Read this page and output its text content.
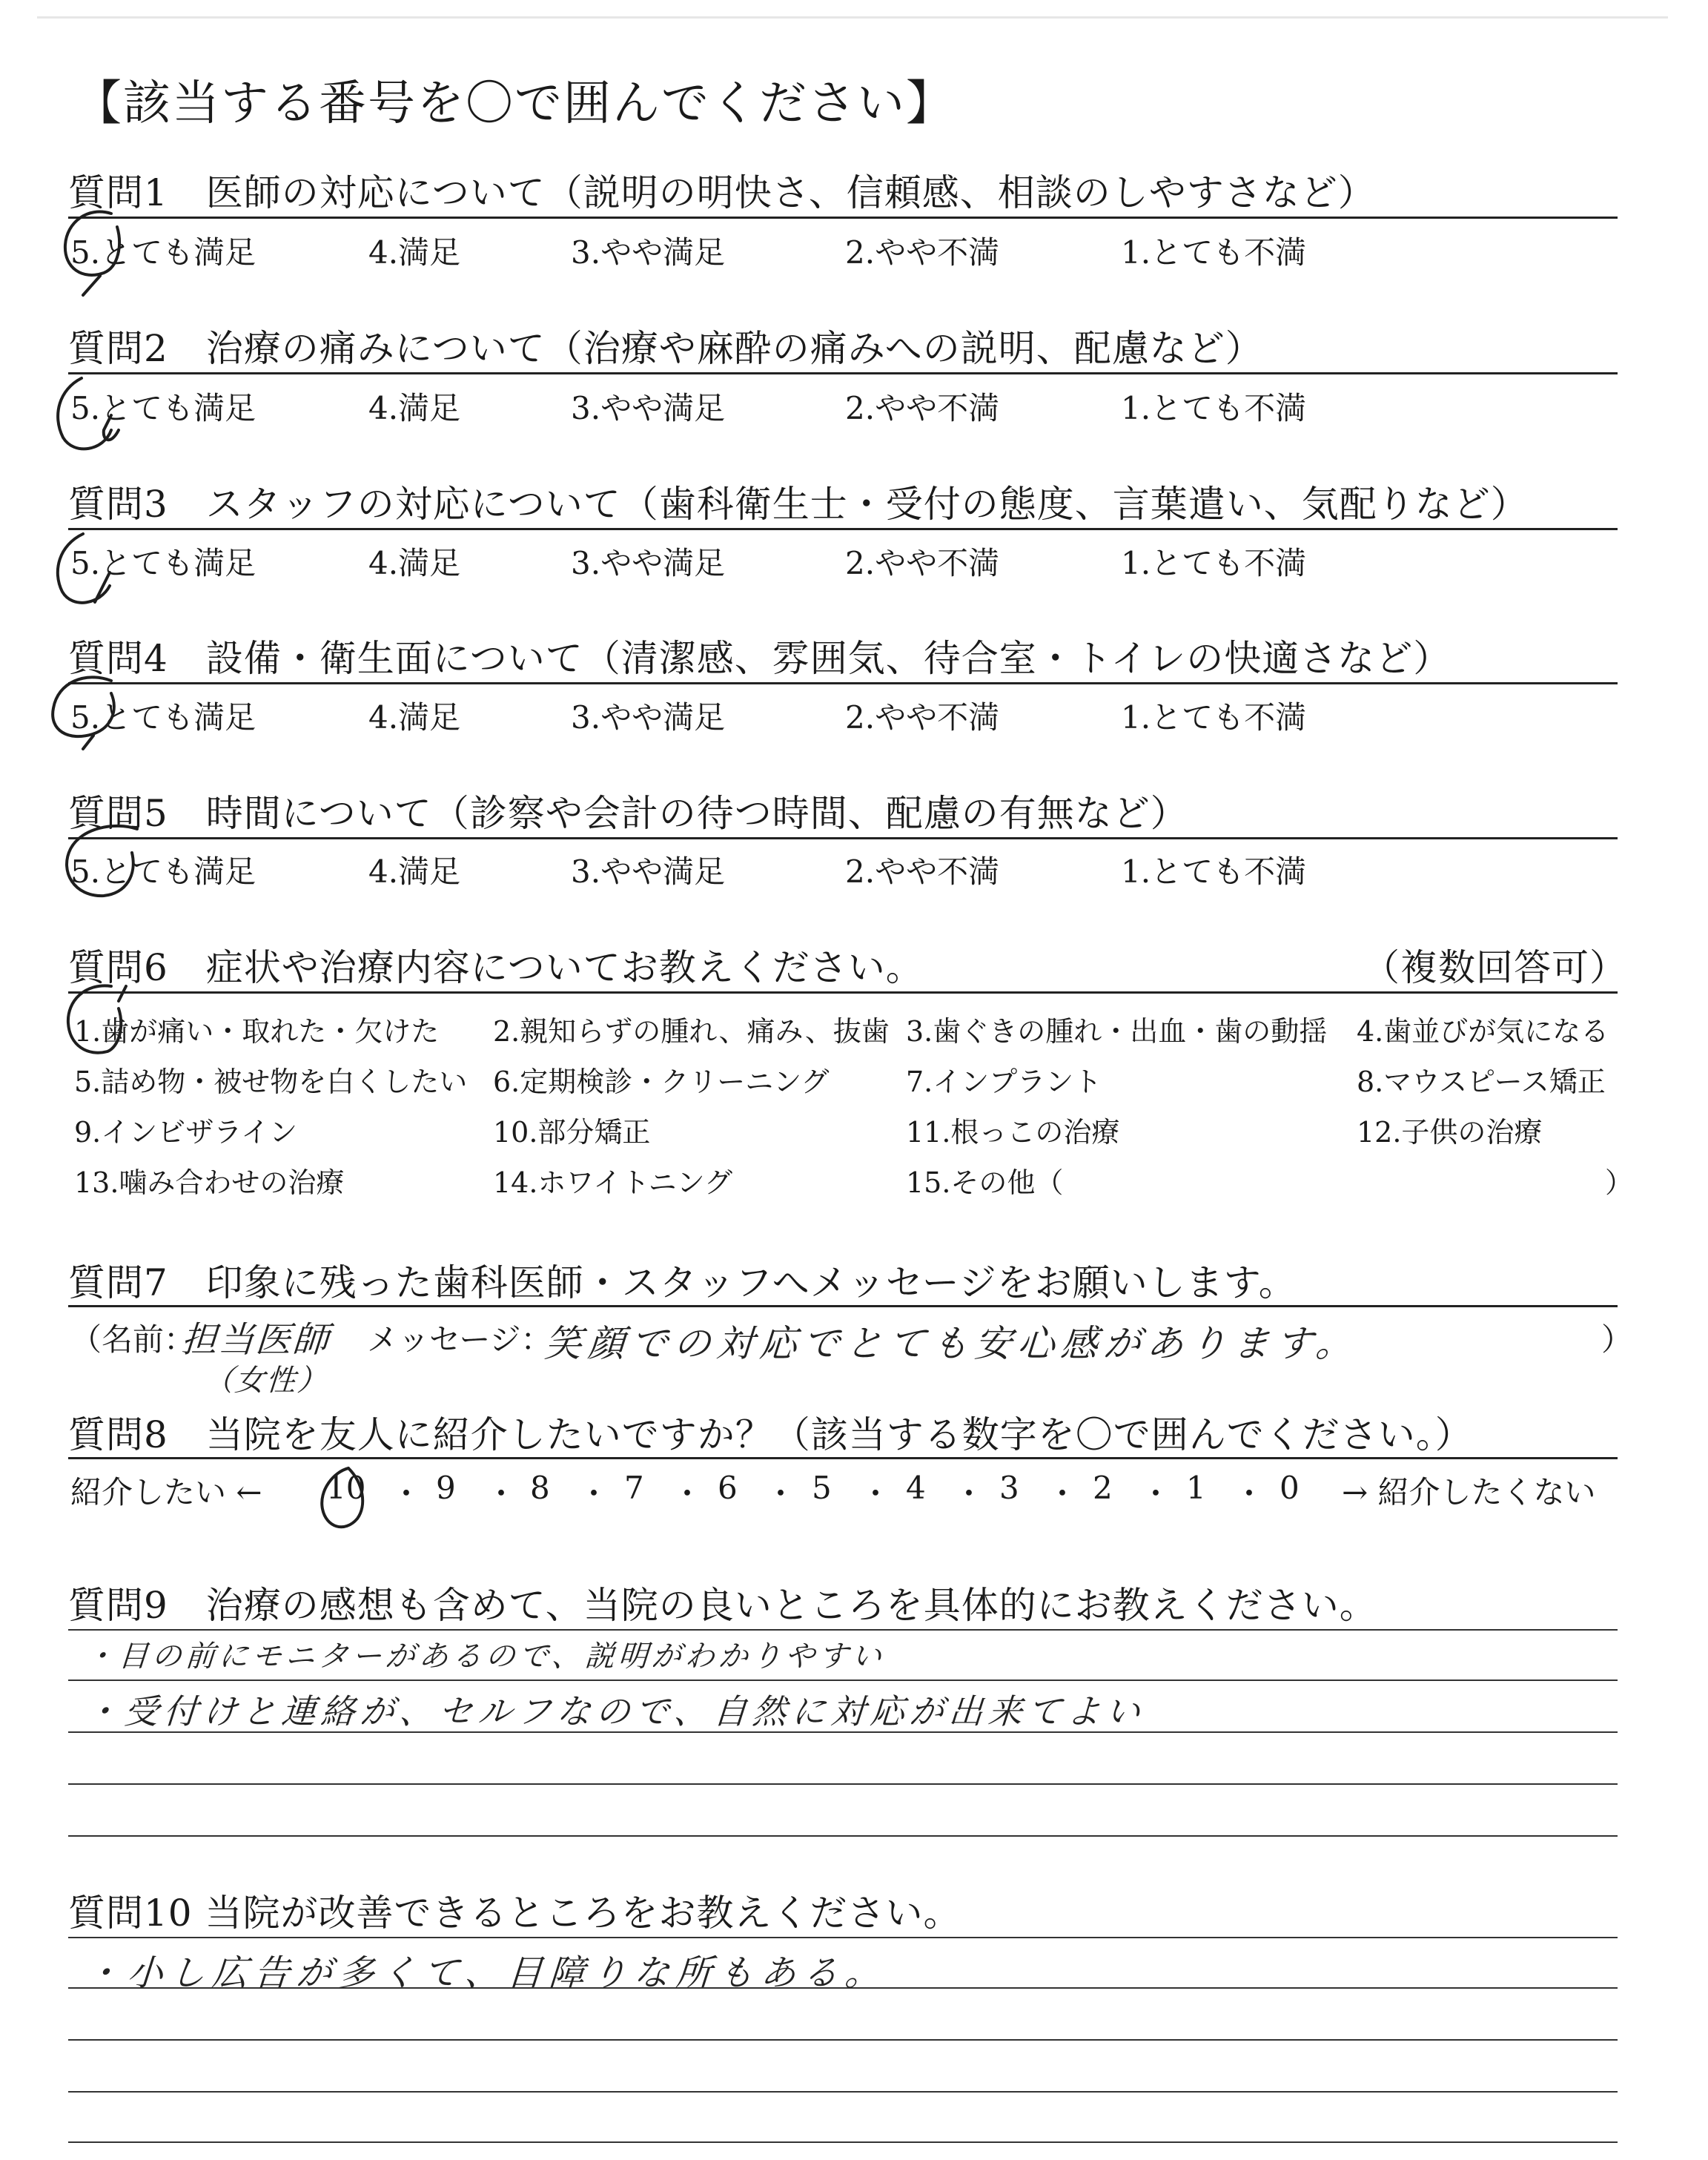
【該当する番号を〇で囲んでください】
質問1　医師の対応について（説明の明快さ、信頼感、相談のしやすさなど）
5.とても満足	4.満足	3.やや満足	2.やや不満	1.とても不満
質問2　治療の痛みについて（治療や麻酔の痛みへの説明、配慮など）
5.とても満足	4.満足	3.やや満足	2.やや不満	1.とても不満
質問3　スタッフの対応について（歯科衛生士・受付の態度、言葉遣い、気配りなど）
5.とても満足	4.満足	3.やや満足	2.やや不満	1.とても不満
質問4　設備・衛生面について（清潔感、雰囲気、待合室・トイレの快適さなど）
5.とても満足	4.満足	3.やや満足	2.やや不満	1.とても不満
質問5　時間について（診察や会計の待つ時間、配慮の有無など）
5.とても満足	4.満足	3.やや満足	2.やや不満	1.とても不満
質問6　症状や治療内容についてお教えください。	（複数回答可）
1.歯が痛い・取れた・欠けた 2.親知らずの腫れ、痛み、抜歯 3.歯ぐきの腫れ・出血・歯の動揺 4.歯並びが気になる
5.詰め物・被せ物を白くしたい 6.定期検診・クリーニング	7.インプラント	8.マウスピース矯正
9.インビザライン	10.部分矯正	11.根っこの治療	12.子供の治療
13.噛み合わせの治療	14.ホワイトニング	15.その他（	）
質問7　印象に残った歯科医師・スタッフへメッセージをお願いします。
（名前：
担当医師
（女性）
メッセージ：
笑顔での対応でとても安心感があります。	）
質問8　当院を友人に紹介したいですか？（該当する数字を〇で囲んでください。）
紹介したい ← 10 ・ 9 ・ 8 ・ 7 ・ 6 ・ 5 ・ 4 ・ 3 ・ 2 ・ 1 ・ 0 → 紹介したくない
質問9　治療の感想も含めて、当院の良いところを具体的にお教えください。
・目の前にモニターがあるので、説明がわかりやすい
・受付けと連絡が、セルフなので、自然に対応が出来てよい
質問10 当院が改善できるところをお教えください。
・小し広告が多くて、目障りな所もある。
